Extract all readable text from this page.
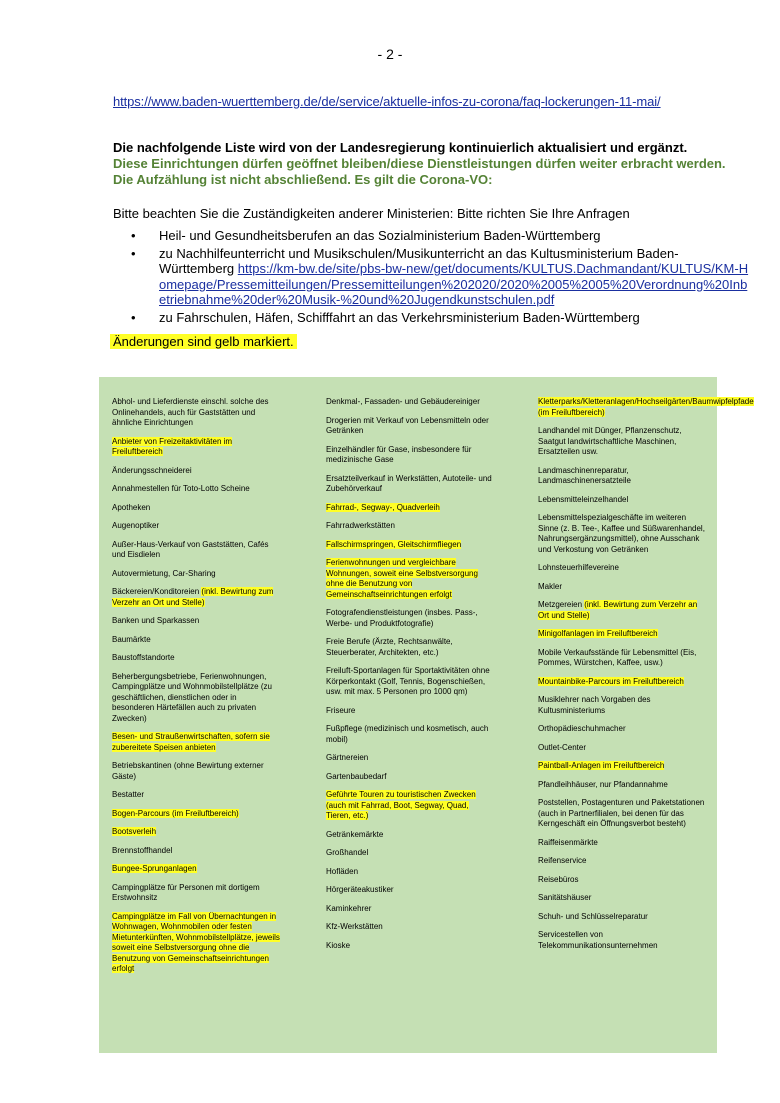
- 2 -
https://www.baden-wuerttemberg.de/de/service/aktuelle-infos-zu-corona/faq-lockerungen-11-mai/
Die nachfolgende Liste wird von der Landesregierung kontinuierlich aktualisiert und ergänzt.
Diese Einrichtungen dürfen geöffnet bleiben/diese Dienstleistungen dürfen weiter erbracht werden.
Die Aufzählung ist nicht abschließend. Es gilt die Corona-VO:
Bitte beachten Sie die Zuständigkeiten anderer Ministerien: Bitte richten Sie Ihre Anfragen
• Heil- und Gesundheitsberufen an das Sozialministerium Baden-Württemberg
• zu Nachhilfeunterricht und Musikschulen/Musikunterricht an das Kultusministerium Baden-Württemberg https://km-bw.de/site/pbs-bw-new/get/documents/KULTUS.Dachmandant/KULTUS/KM-Homepage/Pressemitteilungen/Pressemitteilungen%202020/2020%2005%2005%20Verordnung%20Inbetriebnahme%20der%20Musik-%20und%20Jugendkunstschulen.pdf
• zu Fahrschulen, Häfen, Schifffahrt an das Verkehrsministerium Baden-Württemberg
Änderungen sind gelb markiert.
Abhol- und Lieferdienste einschl. solche des Onlinehandels, auch für Gaststätten und ähnliche Einrichtungen
Anbieter von Freizeitaktivitäten im Freiluftbereich
Änderungsschneiderei
Annahmestellen für Toto-Lotto Scheine
Apotheken
Augenoptiker
Außer-Haus-Verkauf von Gaststätten, Cafés und Eisdielen
Autovermietung, Car-Sharing
Bäckereien/Konditoreien (inkl. Bewirtung zum Verzehr an Ort und Stelle)
Banken und Sparkassen
Baumärkte
Baustoffstandorte
Beherbergungsbetriebe, Ferienwohnungen, Campingplätze und Wohnmobilstellplätze (zu geschäftlichen, dienstlichen oder in besonderen Härtefällen auch zu privaten Zwecken)
Besen- und Straußenwirtschaften, sofern sie zubereitete Speisen anbieten
Betriebskantinen (ohne Bewirtung externer Gäste)
Bestatter
Bogen-Parcours (im Freiluftbereich)
Bootsverleih
Brennstoffhandel
Bungee-Sprunganlagen
Campingplätze für Personen mit dortigem Erstwohnsitz
Campingplätze im Fall von Übernachtungen in Wohnwagen, Wohnmobilen oder festen Mietunterkünften, Wohnmobilstellplätze, jeweils soweit eine Selbstversorgung ohne die Benutzung von Gemeinschaftseinrichtungen erfolgt
Denkmal-, Fassaden- und Gebäudereiniger
Drogerien mit Verkauf von Lebensmitteln oder Getränken
Einzelhändler für Gase, insbesondere für medizinische Gase
Ersatzteilverkauf in Werkstätten, Autoteile- und Zubehörverkauf
Fahrrad-, Segway-, Quadverleih
Fahrradwerkstätten
Fallschirmspringen, Gleitschirmfliegen
Ferienwohnungen und vergleichbare Wohnungen, soweit eine Selbstversorgung ohne die Benutzung von Gemeinschaftseinrichtungen erfolgt
Fotografendienstleistungen (insbes. Pass-, Werbe- und Produktfotografie)
Freie Berufe (Ärzte, Rechtsanwälte, Steuerberater, Architekten, etc.)
Freiluft-Sportanlagen für Sportaktivitäten ohne Körperkontakt (Golf, Tennis, Bogenschießen, usw. mit max. 5 Personen pro 1000 qm)
Friseure
Fußpflege (medizinisch und kosmetisch, auch mobil)
Gärtnereien
Gartenbaubedarf
Geführte Touren zu touristischen Zwecken (auch mit Fahrrad, Boot, Segway, Quad, Tieren, etc.)
Getränkemärkte
Großhandel
Hofläden
Hörgeräteakustiker
Kaminkehrer
Kfz-Werkstätten
Kioske
Kletterparks/Kletteranlagen/Hochseilgärten/Baumwipfelpfade (im Freiluftbereich)
Landhandel mit Dünger, Pflanzenschutz, Saatgut landwirtschaftliche Maschinen, Ersatzteilen usw.
Landmaschinenreparatur, Landmaschinenersatzteile
Lebensmitteleinzelhandel
Lebensmittelspezialgeschäfte im weiteren Sinne (z. B. Tee-, Kaffee und Süßwarenhandel, Nahrungsergänzungsmittel), ohne Ausschank und Verkostung von Getränken
Lohnsteuerhilfevereine
Makler
Metzgereien (inkl. Bewirtung zum Verzehr an Ort und Stelle)
Minigolfanlagen im Freiluftbereich
Mobile Verkaufsstände für Lebensmittel (Eis, Pommes, Würstchen, Kaffee, usw.)
Mountainbike-Parcours im Freiluftbereich
Musiklehrer nach Vorgaben des Kultusministeriums
Orthopädieschuhmacher
Outlet-Center
Paintball-Anlagen im Freiluftbereich
Pfandleihhäuser, nur Pfandannahme
Poststellen, Postagenturen und Paketstationen (auch in Partnerfilialen, bei denen für das Kerngeschäft ein Öffnungsverbot besteht)
Raiffeisenmärkte
Reifenservice
Reisebüros
Sanitätshäuser
Schuh- und Schlüsselreparatur
Servicestellen von Telekommunikationsunternehmen
